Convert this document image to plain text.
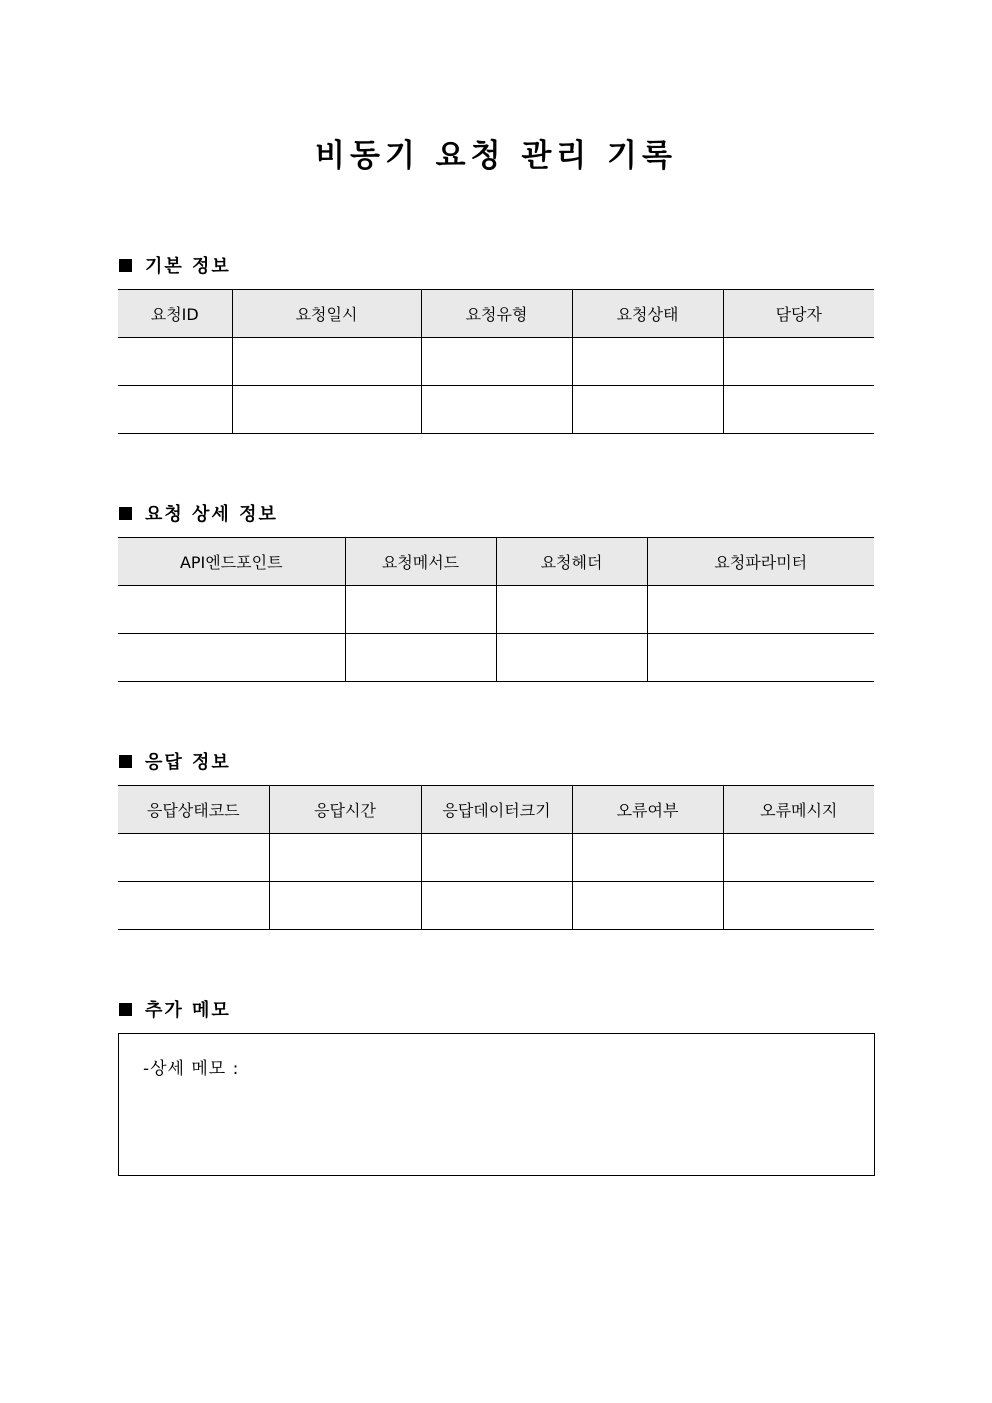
비동기 요청 관리 기록
기본 정보
요청ID	요청일시	요청유형	요청상태	담당자

요청 상세 정보
API엔드포인트	요청메서드	요청헤더	요청파라미터

응답 정보
응답상태코드	응답시간	응답데이터크기	오류여부	오류메시지

추가 메모
-상세 메모 :
